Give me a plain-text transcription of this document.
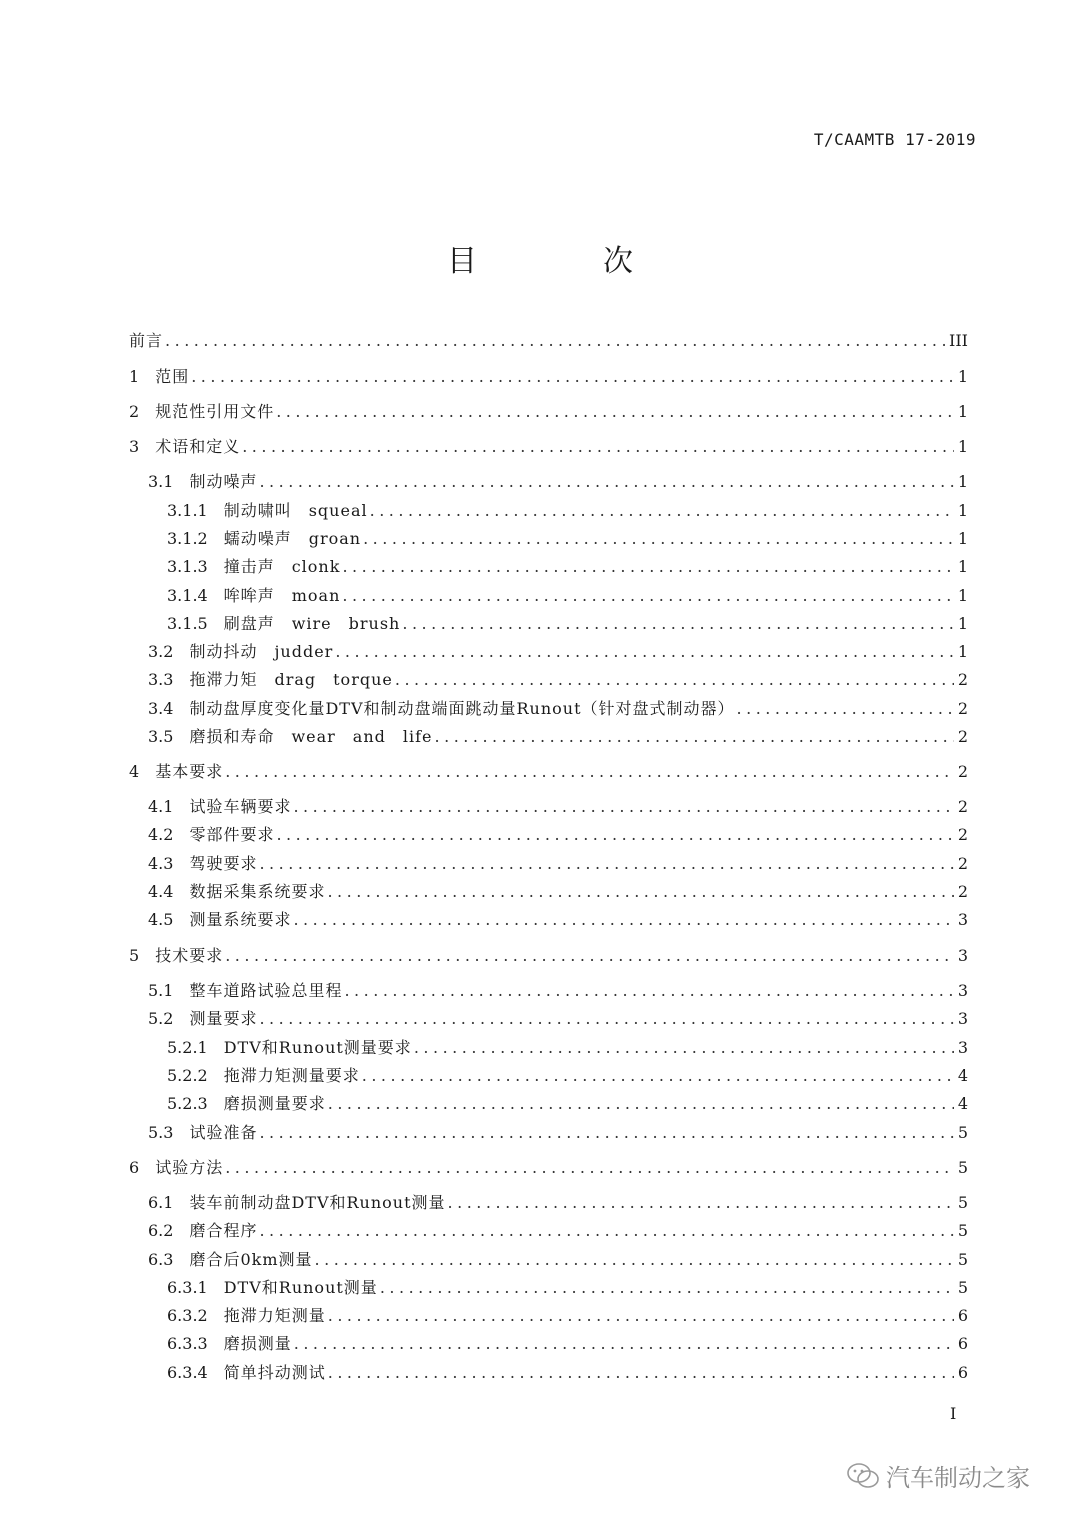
T/CAAMTB 17-2019
目　次
前言 .....	III
1 范围 .....	1
2 规范性引用文件 .....	1
3 术语和定义 .....	1
3.1 制动噪声 .....	1
3.1.1 制动啸叫　squeal .....	1
3.1.2 蠕动噪声　groan .....	1
3.1.3 撞击声　clonk .....	1
3.1.4 哞哞声　moan .....	1
3.1.5 刷盘声　wire　brush .....	1
3.2 制动抖动　judder .....	1
3.3 拖滞力矩　drag　torque .....	2
3.4 制动盘厚度变化量DTV和制动盘端面跳动量Runout（针对盘式制动器） .....	2
3.5 磨损和寿命　wear　and　life .....	2
4 基本要求 .....	2
4.1 试验车辆要求 .....	2
4.2 零部件要求 .....	2
4.3 驾驶要求 .....	2
4.4 数据采集系统要求 .....	2
4.5 测量系统要求 .....	3
5 技术要求 .....	3
5.1 整车道路试验总里程 .....	3
5.2 测量要求 .....	3
5.2.1 DTV和Runout测量要求 .....	3
5.2.2 拖滞力矩测量要求 .....	4
5.2.3 磨损测量要求 .....	4
5.3 试验准备 .....	5
6 试验方法 .....	5
6.1 装车前制动盘DTV和Runout测量 .....	5
6.2 磨合程序 .....	5
6.3 磨合后0km测量 .....	5
6.3.1 DTV和Runout测量 .....	5
6.3.2 拖滞力矩测量 .....	6
6.3.3 磨损测量 .....	6
6.3.4 简单抖动测试 .....	6
I
汽车制动之家
